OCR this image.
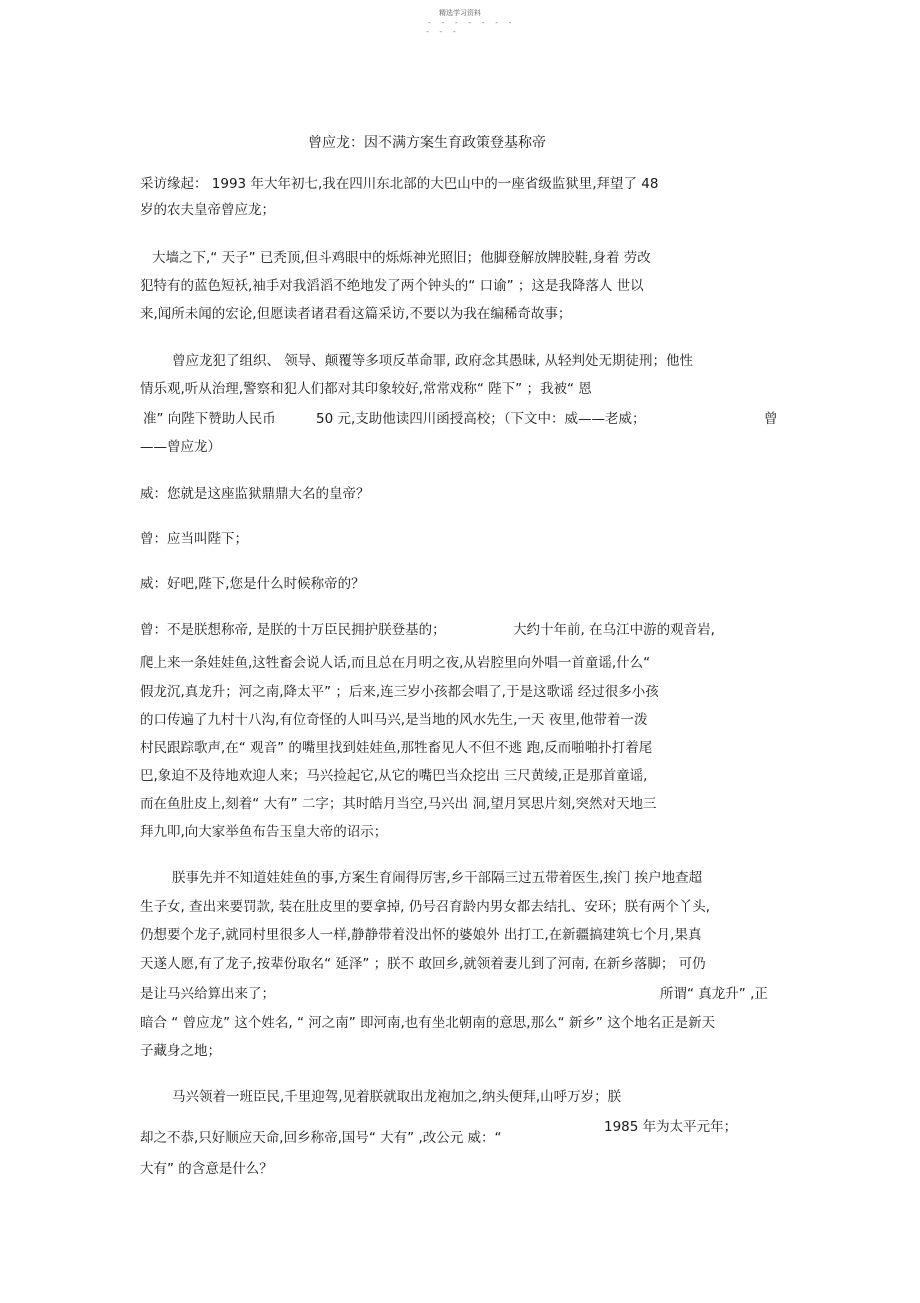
精选学习资料
- - - - - - -
- - -
曾应龙：因不满方案生育政策登基称帝
采访缘起： 1993 年大年初七,我在四川东北部的大巴山中的一座省级监狱里,拜望了 48
岁的农夫皇帝曾应龙；
大墙之下,“ 天子” 已秃顶,但斗鸡眼中的烁烁神光照旧；他脚登解放牌胶鞋,身着 劳改
犯特有的蓝色短袄,袖手对我滔滔不绝地发了两个钟头的“ 口谕” ；这是我降落人 世以
来,闻所未闻的宏论,但愿读者诸君看这篇采访,不要以为我在编稀奇故事；
曾应龙犯了组织、 领导、颠覆等多项反革命罪, 政府念其愚昧, 从轻判处无期徒刑；他性
情乐观,听从治理,警察和犯人们都对其印象较好,常常戏称“ 陛下” ；我被“ 恩
准” 向陛下赞助人民币	50 元,支助他读四川函授高校；（下文中：威——老威；	曾
——曾应龙）
威：您就是这座监狱鼎鼎大名的皇帝？
曾：应当叫陛下；
威：好吧,陛下,您是什么时候称帝的？
曾：不是朕想称帝, 是朕的十万臣民拥护朕登基的；	大约十年前, 在乌江中游的观音岩,
爬上来一条娃娃鱼,这牲畜会说人话,而且总在月明之夜,从岩腔里向外唱一首童谣,什么“
假龙沉,真龙升；河之南,降太平” ；后来,连三岁小孩都会唱了,于是这歌谣 经过很多小孩
的口传遍了九村十八沟,有位奇怪的人叫马兴,是当地的风水先生,一天 夜里,他带着一泼
村民跟踪歌声,在“ 观音” 的嘴里找到娃娃鱼,那牲畜见人不但不逃 跑,反而啪啪扑打着尾
巴,象迫不及待地欢迎人来；马兴捡起它,从它的嘴巴当众挖出 三尺黄绫,正是那首童谣,
而在鱼肚皮上,刻着“ 大有” 二字；其时皓月当空,马兴出 洞,望月冥思片刻,突然对天地三
拜九叩,向大家举鱼布告玉皇大帝的诏示；
朕事先并不知道娃娃鱼的事,方案生育闹得厉害,乡干部隔三过五带着医生,挨门 挨户地查超
生子女, 查出来要罚款, 装在肚皮里的要拿掉, 仍号召育龄内男女都去结扎、安环；朕有两个丫头,
仍想要个龙子,就同村里很多人一样,静静带着没出怀的婆娘外 出打工,在新疆搞建筑七个月,果真
天遂人愿,有了龙子,按辈份取名“ 延泽” ；朕不 敢回乡,就领着妻儿到了河南, 在新乡落脚； 可仍
是让马兴给算出来了；	所谓“ 真龙升” ,正
暗合 “ 曾应龙” 这个姓名, “ 河之南” 即河南,也有坐北朝南的意思,那么“ 新乡” 这个地名正是新天
子藏身之地；
马兴领着一班臣民,千里迎驾,见着朕就取出龙袍加之,纳头便拜,山呼万岁；朕
1985 年为太平元年；
却之不恭,只好顺应天命,回乡称帝,国号“ 大有” ,改公元 威：“
大有” 的含意是什么？
